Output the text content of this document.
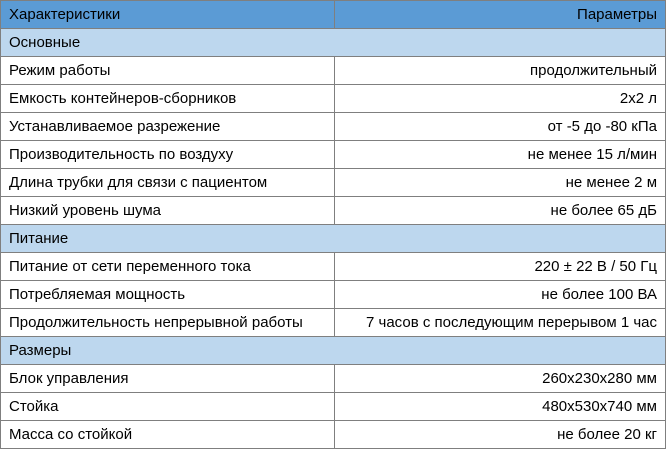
Характеристики	Параметры
Основные	
Режим работы	продолжительный
Емкость контейнеров-сборников	2х2 л
Устанавливаемое разрежение	от -5 до -80 кПа
Производительность по воздуху	не менее 15 л/мин
Длина трубки для связи с пациентом	не менее 2 м
Низкий уровень шума	не более 65 дБ
Питание	
Питание от сети переменного тока	220 ± 22 В / 50 Гц
Потребляемая мощность	не более 100 ВА
Продолжительность непрерывной работы	7 часов с последующим перерывом 1 час
Размеры	
Блок управления	260х230х280 мм
Стойка	480х530х740 мм
Масса со стойкой	не более 20 кг
